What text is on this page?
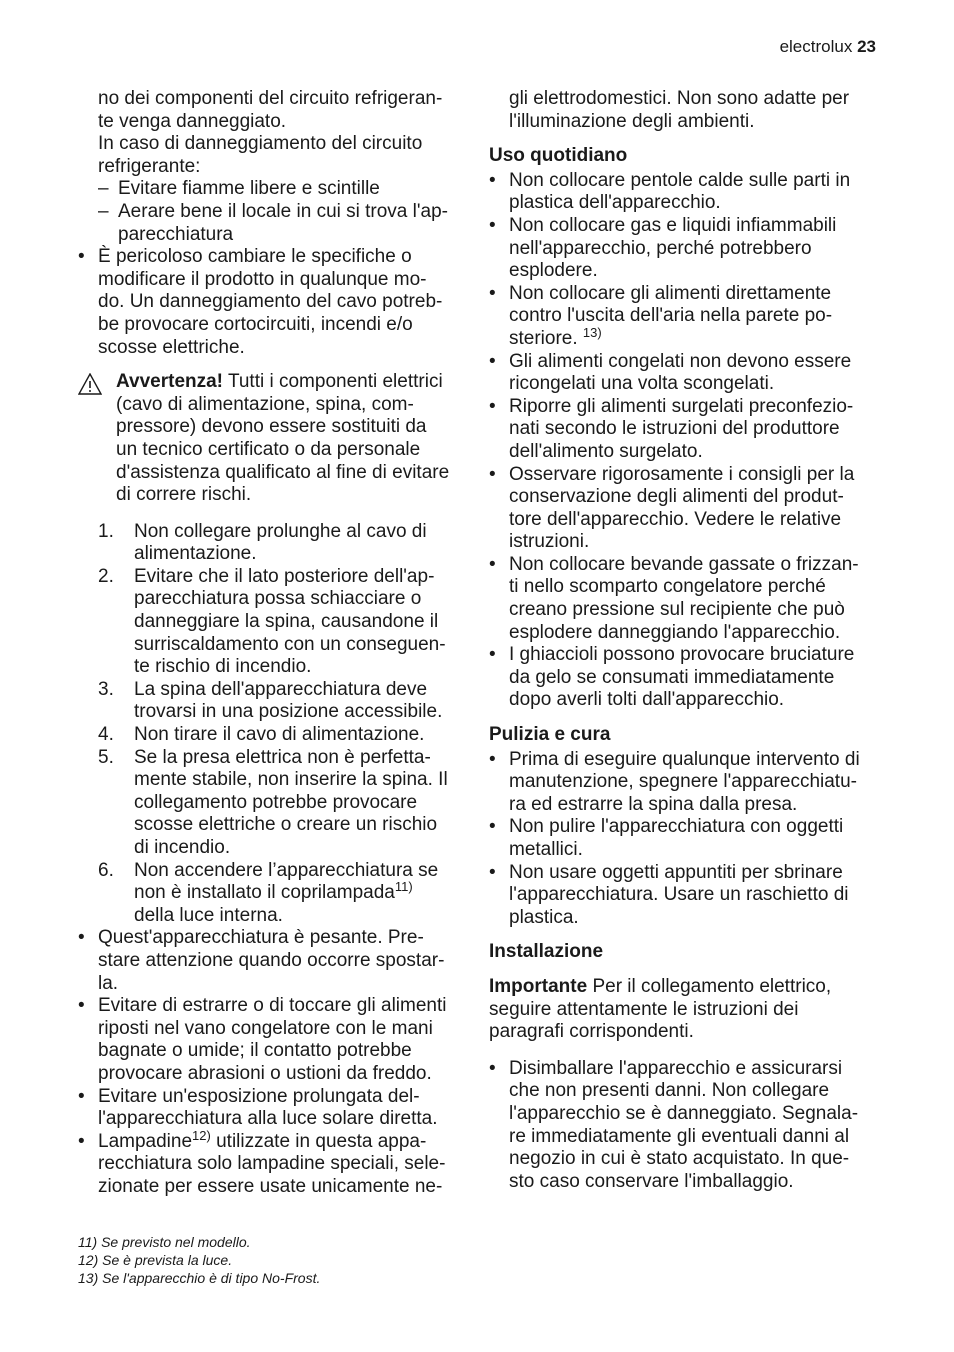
electrolux 23
no dei componenti del circuito refrigeran-
te venga danneggiato.
In caso di danneggiamento del circuito
refrigerante:
– Evitare fiamme libere e scintille
– Aerare bene il locale in cui si trova l'ap-
parecchiatura
• È pericoloso cambiare le specifiche o
modificare il prodotto in qualunque mo-
do. Un danneggiamento del cavo potreb-
be provocare cortocircuiti, incendi e/o
scosse elettriche.
Avvertenza! Tutti i componenti elettrici
(cavo di alimentazione, spina, com-
pressore) devono essere sostituiti da
un tecnico certificato o da personale
d'assistenza qualificato al fine di evitare
di correre rischi.
1.	Non collegare prolunghe al cavo di
alimentazione.
2.	Evitare che il lato posteriore dell'ap-
parecchiatura possa schiacciare o
danneggiare la spina, causandone il
surriscaldamento con un conseguen-
te rischio di incendio.
3.	La spina dell'apparecchiatura deve
trovarsi in una posizione accessibile.
4.	Non tirare il cavo di alimentazione.
5.	Se la presa elettrica non è perfetta-
mente stabile, non inserire la spina. Il
collegamento potrebbe provocare
scosse elettriche o creare un rischio
di incendio.
6.	Non accendere l’apparecchiatura se
non è installato il coprilampada$^{11)}$
della luce interna.
• Quest'apparecchiatura è pesante. Pre-
stare attenzione quando occorre spostar-
la.
• Evitare di estrarre o di toccare gli alimenti
riposti nel vano congelatore con le mani
bagnate o umide; il contatto potrebbe
provocare abrasioni o ustioni da freddo.
• Evitare un'esposizione prolungata del-
l'apparecchiatura alla luce solare diretta.
• Lampadine$^{12)}$ utilizzate in questa appa-
recchiatura solo lampadine speciali, sele-
zionate per essere usate unicamente ne-
gli elettrodomestici. Non sono adatte per
l'illuminazione degli ambienti.
Uso quotidiano
• Non collocare pentole calde sulle parti in
plastica dell'apparecchio.
• Non collocare gas e liquidi infiammabili
nell'apparecchio, perché potrebbero
esplodere.
• Non collocare gli alimenti direttamente
contro l'uscita dell'aria nella parete po-
steriore. $^{13)}$
• Gli alimenti congelati non devono essere
ricongelati una volta scongelati.
• Riporre gli alimenti surgelati preconfezio-
nati secondo le istruzioni del produttore
dell'alimento surgelato.
• Osservare rigorosamente i consigli per la
conservazione degli alimenti del produt-
tore dell'apparecchio. Vedere le relative
istruzioni.
• Non collocare bevande gassate o frizzan-
ti nello scomparto congelatore perché
creano pressione sul recipiente che può
esplodere danneggiando l'apparecchio.
• I ghiaccioli possono provocare bruciature
da gelo se consumati immediatamente
dopo averli tolti dall'apparecchio.
Pulizia e cura
• Prima di eseguire qualunque intervento di
manutenzione, spegnere l'apparecchiatu-
ra ed estrarre la spina dalla presa.
• Non pulire l'apparecchiatura con oggetti
metallici.
• Non usare oggetti appuntiti per sbrinare
l'apparecchiatura. Usare un raschietto di
plastica.
Installazione
Importante Per il collegamento elettrico,
seguire attentamente le istruzioni dei
paragrafi corrispondenti.
• Disimballare l'apparecchio e assicurarsi
che non presenti danni. Non collegare
l'apparecchio se è danneggiato. Segnala-
re immediatamente gli eventuali danni al
negozio in cui è stato acquistato. In que-
sto caso conservare l'imballaggio.
11) Se previsto nel modello.
12) Se è prevista la luce.
13) Se l'apparecchio è di tipo No-Frost.
